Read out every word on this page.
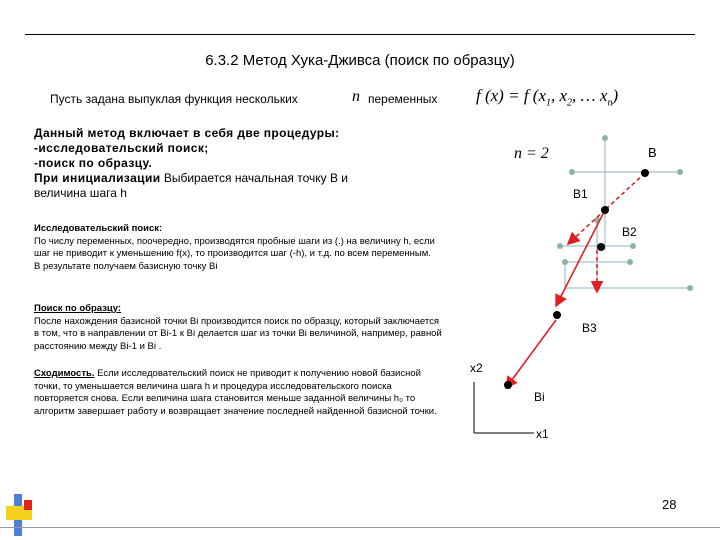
6.3.2 Метод Хука-Дживса (поиск по образцу)
Пусть задана выпуклая функция нескольких	n переменных f (x) = f ($x_1$, $x_2$, … $x_n$)
Данный метод включает в себя две процедуры:
-исследовательский поиск;
-поиск по образцу.
При инициализации Выбирается начальная точку B и
величина шага h
Исследовательский поиск:
По числу переменных, поочередно, производятся пробные шаги из (.) на величину h, если шаг не приводит к уменьшению f(x), то производится шаг (-h), и т.д. по всем переменным.
В результате получаем базисную точку Bi
Поиск по образцу:
После нахождения базисной точки Bi производится поиск по образцу, который заключается в том, что в направлении от Bi-1 к Bi делается шаг из точки Bi величиной, например, равной расстоянию между Bi-1 и Bi .
Сходимость. Если исследовательский поиск не приводит к получению новой базисной точки, то уменьшается величина шага h и процедура исследовательского поиска повторяется снова. Если величина шага становится меньше заданной величины h₀ то алгоритм завершает работу и возвращает значение последней найденной базисной точки.
n = 2	B
B1
B2
B3
Bi
x2
x1
28
